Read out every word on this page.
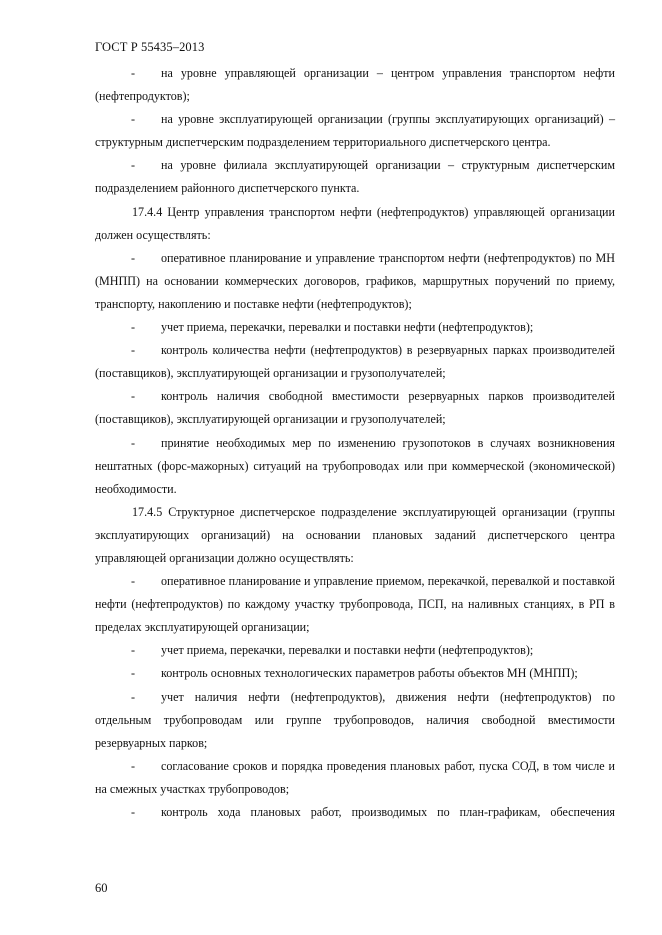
ГОСТ Р 55435–2013

- на уровне управляющей организации – центром управления транспортом нефти (нефтепродуктов);

- на уровне эксплуатирующей организации (группы эксплуатирующих организаций) – структурным диспетчерским подразделением территориального диспетчерского центра.

- на уровне филиала эксплуатирующей организации – структурным диспетчерским подразделением районного диспетчерского пункта.

17.4.4 Центр управления транспортом нефти (нефтепродуктов) управляющей организации должен осуществлять:

- оперативное планирование и управление транспортом нефти (нефтепродуктов) по МН (МНПП) на основании коммерческих договоров, графиков, маршрутных поручений по приему, транспорту, накоплению и поставке нефти (нефтепродуктов);

- учет приема, перекачки, перевалки и поставки нефти (нефтепродуктов);

- контроль количества нефти (нефтепродуктов) в резервуарных парках производителей (поставщиков), эксплуатирующей организации и грузополучателей;

- контроль наличия свободной вместимости резервуарных парков производителей (поставщиков), эксплуатирующей организации и грузополучателей;

- принятие необходимых мер по изменению грузопотоков в случаях возникновения нештатных (форс-мажорных) ситуаций на трубопроводах или при коммерческой (экономической) необходимости.

17.4.5 Структурное диспетчерское подразделение эксплуатирующей организации (группы эксплуатирующих организаций) на основании плановых заданий диспетчерского центра управляющей организации должно осуществлять:

- оперативное планирование и управление приемом, перекачкой, перевалкой и поставкой нефти (нефтепродуктов) по каждому участку трубопровода, ПСП, на наливных станциях, в РП в пределах эксплуатирующей организации;

- учет приема, перекачки, перевалки и поставки нефти (нефтепродуктов);

- контроль основных технологических параметров работы объектов МН (МНПП);

- учет наличия нефти (нефтепродуктов), движения нефти (нефтепродуктов) по отдельным трубопроводам или группе трубопроводов, наличия свободной вместимости резервуарных парков;

- согласование сроков и порядка проведения плановых работ, пуска СОД, в том числе и на смежных участках трубопроводов;

- контроль хода плановых работ, производимых по план-графикам, обеспечения

60
